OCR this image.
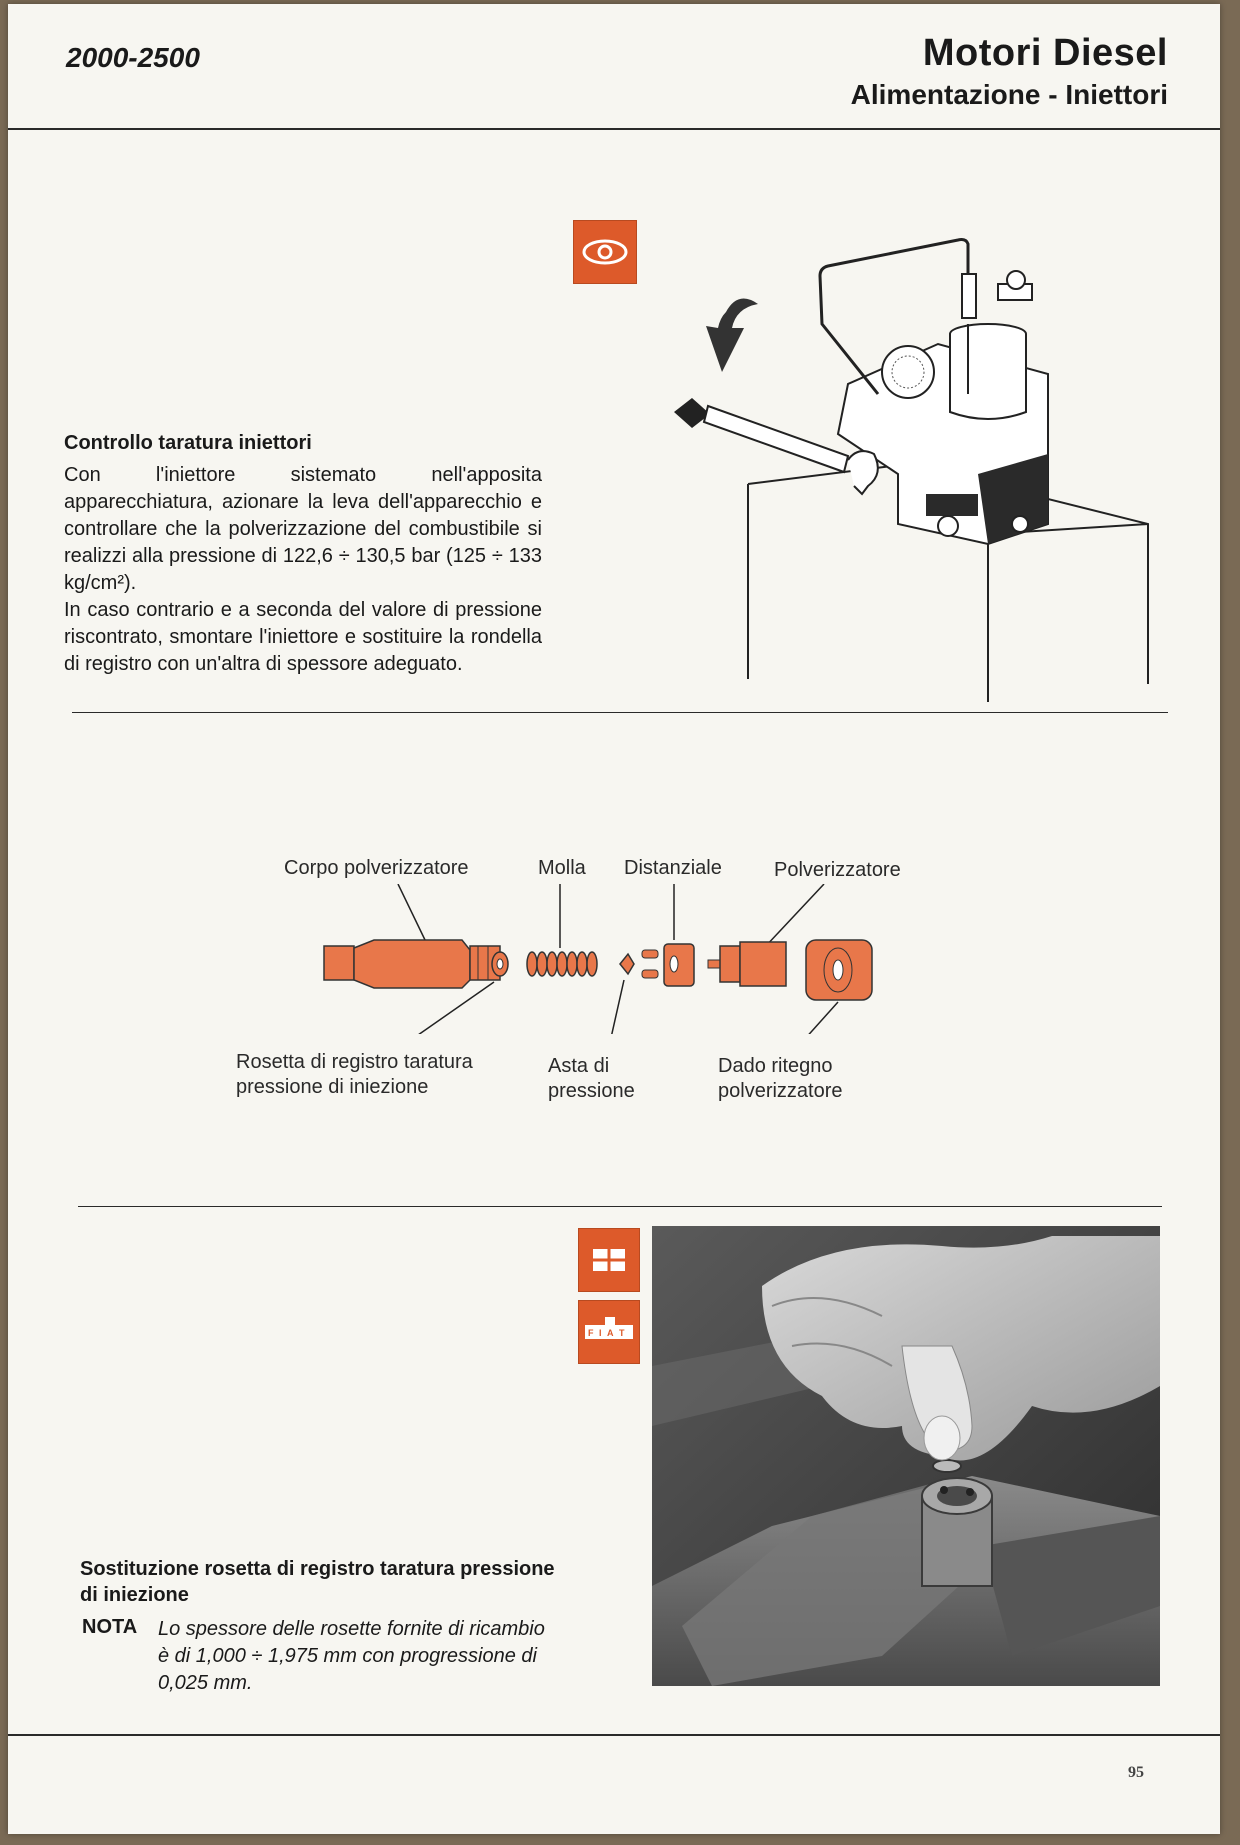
2000-2500	Motori Diesel
Alimentazione - Iniettori
Controllo taratura iniettori
Con l'iniettore sistemato nell'apposita apparecchiatura, azionare la leva dell'apparecchio e controllare che la polverizzazione del combustibile si realizzi alla pressione di 122,6 ÷ 130,5 bar (125 ÷ 133 kg/cm²).
In caso contrario e a seconda del valore di pressione riscontrato, smontare l'iniettore e sostituire la rondella di registro con un'altra di spessore adeguato.
Corpo polverizzatore	Molla Distanziale	Polverizzatore
Rosetta di registro taratura
pressione di iniezione
Asta di
pressione
Dado ritegno
polverizzatore
F I A T
Sostituzione rosetta di registro taratura pressione di iniezione
NOTA Lo spessore delle rosette fornite di ricambio è di 1,000 ÷ 1,975 mm con progressione di 0,025 mm.
95
